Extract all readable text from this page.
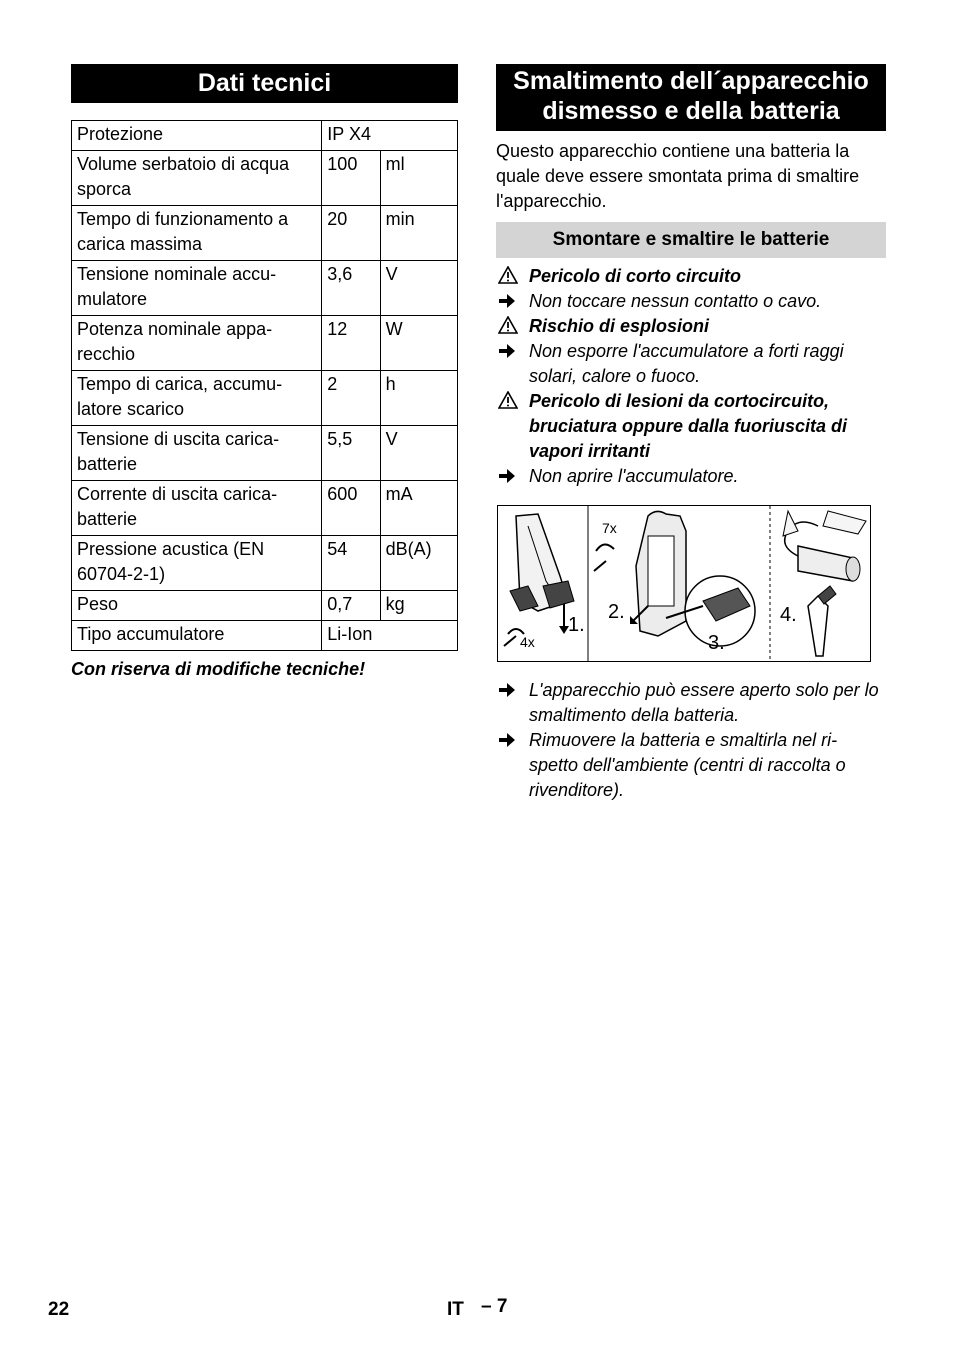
Dati tecnici
Protezione	IP X4	
Volume serbatoio di acqua sporca	100	ml
Tempo di funzionamento a carica massima	20	min
Tensione nominale accu-mulatore	3,6	V
Potenza nominale appa-recchio	12	W
Tempo di carica, accumu-latore scarico	2	h
Tensione di uscita carica-batterie	5,5	V
Corrente di uscita carica-batterie	600	mA
Pressione acustica (EN 60704-2-1)	54	dB(A)
Peso	0,7	kg
Tipo accumulatore	Li-Ion	
Con riserva di modifiche tecniche!
Smaltimento dell´apparecchio
dismesso e della batteria
Questo apparecchio contiene una batteria la quale deve essere smontata prima di smaltire l'apparecchio.
Smontare e smaltire le batterie
Pericolo di corto circuito
Non toccare nessun contatto o cavo.
Rischio di esplosioni
Non esporre l'accumulatore a forti raggi solari, calore o fuoco.
Pericolo di lesioni da cortocircuito, bruciatura oppure dalla fuoriuscita di vapori irritanti
Non aprire l'accumulatore.
1.
2.
3.
4.
7x
4x
L'apparecchio può essere aperto solo per lo smaltimento della batteria.
Rimuovere la batteria e smaltirla nel ri-spetto dell'ambiente (centri di raccolta o rivenditore).
22	IT – 7
